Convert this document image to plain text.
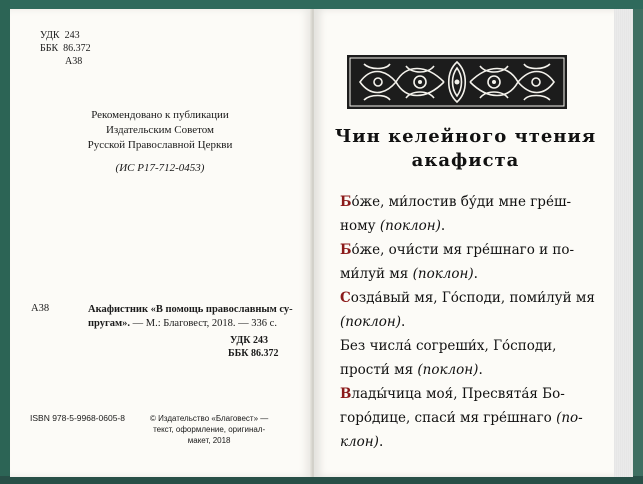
УДК 243
ББК 86.372
А38
Рекомендовано к публикации
Издательским Советом
Русской Православной Церкви
(ИС Р17-712-0453)
А38	Акафистник «В помощь православным су-
пругам». — М.: Благовест, 2018. — 336 с.
УДК 243
ББК 86.372
ISBN 978-5-9968-0605-8	© Издательство «Благовест» —
текст, оформление, оригинал-
макет, 2018
Чин келейного чтения
акафиста
Бо́же, ми́лостив бу́ди мне гре́ш-
ному (поклон).
Бо́же, очи́сти мя гре́шнаго и по-
ми́луй мя (поклон).
Созда́вый мя, Го́споди, поми́луй мя
(поклон).
Без числа́ согреши́х, Го́споди,
прости́ мя (поклон).
Влады́чица моя́, Пресвята́я Бо-
горо́дице, спаси́ мя гре́шнаго (по-
клон).
